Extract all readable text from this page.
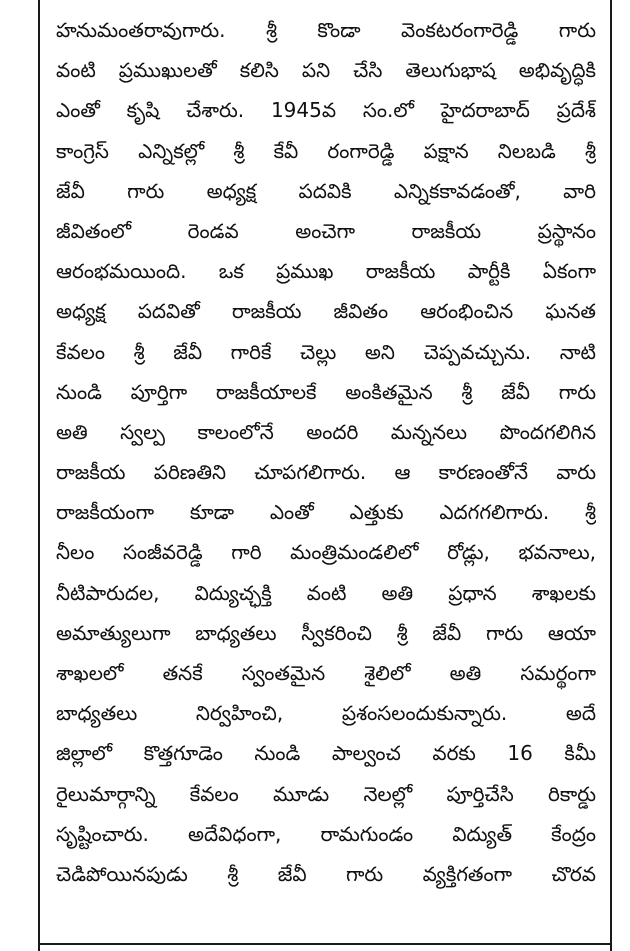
హనుమంతరావుగారు. శ్రీ కొండా వెంకటరంగారెడ్డి గారు
వంటి ప్రముఖులతో కలిసి పని చేసి తెలుగుభాష అభివృద్ధికి
ఎంతో కృషి చేశారు. 1945వ సం.లో హైదరాబాద్ ప్రదేశ్
కాంగ్రెస్ ఎన్నికల్లో శ్రీ కేవీ రంగారెడ్డి పక్షాన నిలబడి శ్రీ
జేవీ గారు అధ్యక్ష పదవికి ఎన్నికకావడంతో, వారి
జీవితంలో రెండవ అంచెగా రాజకీయ ప్రస్థానం
ఆరంభమయింది. ఒక ప్రముఖ రాజకీయ పార్టీకి ఏకంగా
అధ్యక్ష పదవితో రాజకీయ జీవితం ఆరంభించిన ఘనత
కేవలం శ్రీ జేవీ గారికే చెల్లు అని చెప్పవచ్చును. నాటి
నుండి పూర్తిగా రాజకీయాలకే అంకితమైన శ్రీ జేవీ గారు
అతి స్వల్ప కాలంలోనే అందరి మన్ననలు పొందగలిగిన
రాజకీయ పరిణతిని చూపగలిగారు. ఆ కారణంతోనే వారు
రాజకీయంగా కూడా ఎంతో ఎత్తుకు ఎదగగలిగారు. శ్రీ
నీలం సంజీవరెడ్డి గారి మంత్రిమండలిలో రోడ్లు, భవనాలు,
నీటిపారుదల, విద్యుచ్ఛక్తి వంటి అతి ప్రధాన శాఖలకు
అమాత్యులుగా బాధ్యతలు స్వీకరించి శ్రీ జేవీ గారు ఆయా
శాఖలలో తనకే స్వంతమైన శైలిలో అతి సమర్థంగా
బాధ్యతలు నిర్వహించి, ప్రశంసలందుకున్నారు. అదే
జిల్లాలో కొత్తగూడెం నుండి పాల్వంచ వరకు 16 కిమీ
రైలుమార్గాన్ని కేవలం మూడు నెలల్లో పూర్తిచేసి రికార్డు
సృష్టించారు. అదేవిధంగా, రామగుండం విద్యుత్ కేంద్రం
చెడిపోయినపుడు శ్రీ జేవీ గారు వ్యక్తిగతంగా చొరవ
